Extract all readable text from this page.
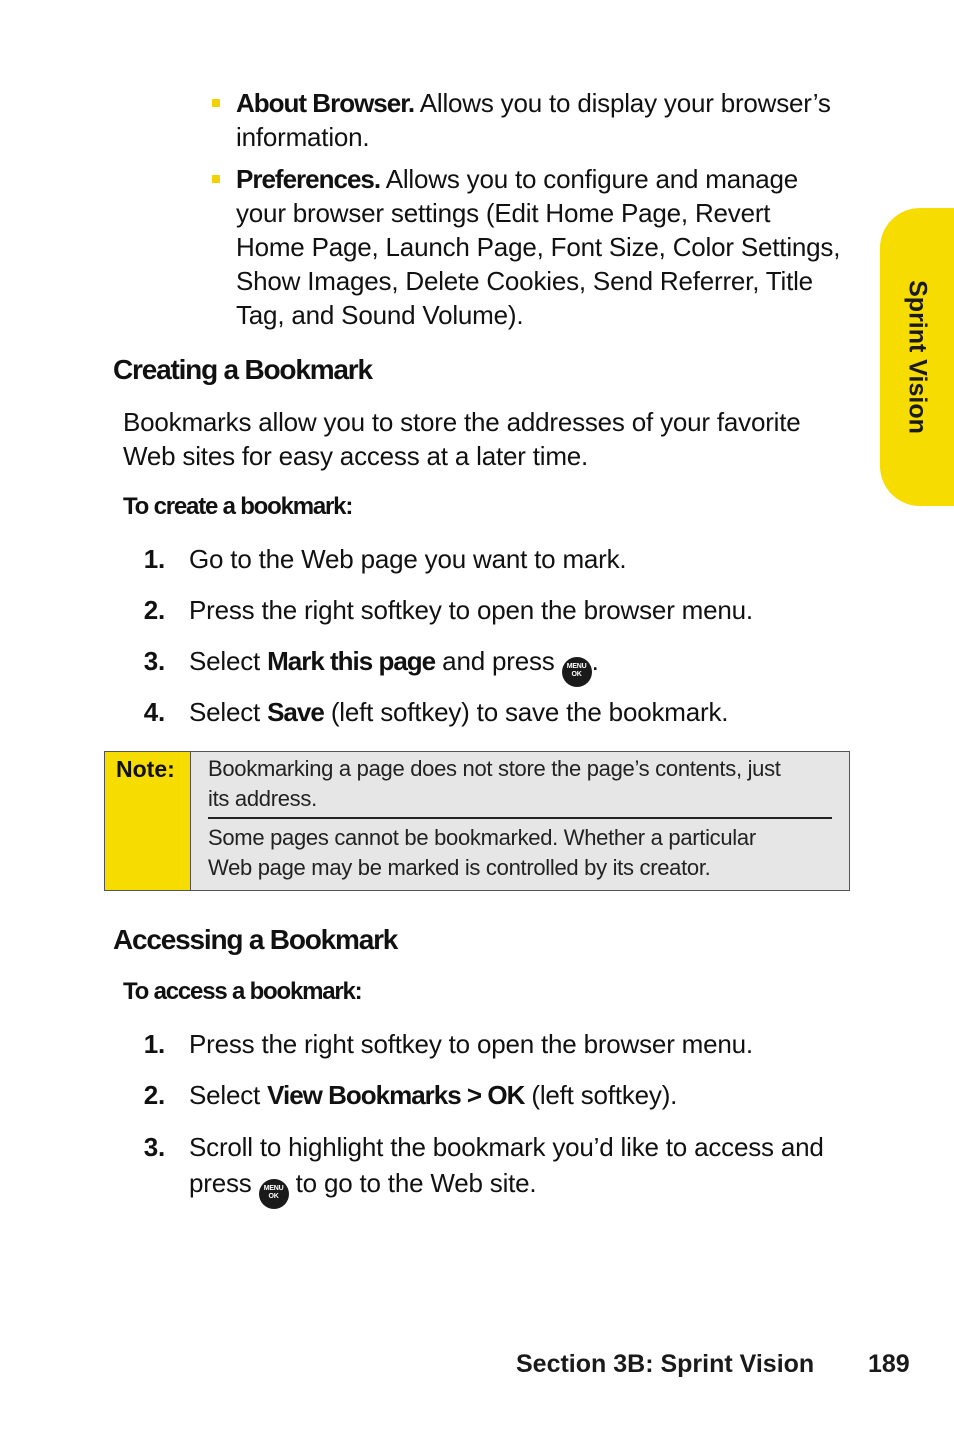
Sprint Vision
About Browser. Allows you to display your browser’s
information.
Preferences. Allows you to configure and manage
your browser settings (Edit Home Page, Revert
Home Page, Launch Page, Font Size, Color Settings,
Show Images, Delete Cookies, Send Referrer, Title
Tag, and Sound Volume).
Creating a Bookmark
Bookmarks allow you to store the addresses of your favorite
Web sites for easy access at a later time.
To create a bookmark:
1. Go to the Web page you want to mark.
2. Press the right softkey to open the browser menu.
3. Select Mark this page and press MENU
OK .
4. Select Save (left softkey) to save the bookmark.
Note: Bookmarking a page does not store the page’s contents, just
its address.
Some pages cannot be bookmarked. Whether a particular
Web page may be marked is controlled by its creator.
Accessing a Bookmark
To access a bookmark:
1. Press the right softkey to open the browser menu.
2. Select View Bookmarks > OK (left softkey).
3. Scroll to highlight the bookmark you’d like to access and
press MENU
OK to go to the Web site.
Section 3B: Sprint Vision 189
